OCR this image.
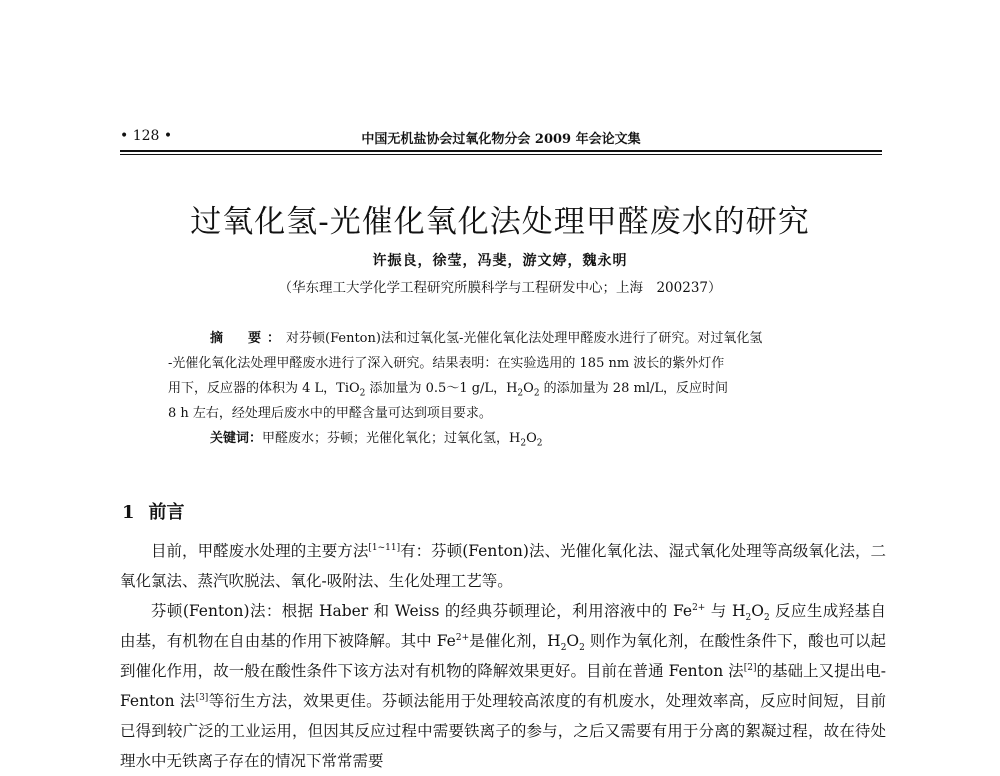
• 128 •	中国无机盐协会过氧化物分会 2009 年会论文集
过氧化氢-光催化氧化法处理甲醛废水的研究
许振良，徐莹，冯斐，游文婷，魏永明
（华东理工大学化学工程研究所膜科学与工程研发中心；上海　200237）

摘　要：对芬顿(Fenton)法和过氧化氢-光催化氧化法处理甲醛废水进行了研究。对过氧化氢

-光催化氧化法处理甲醛废水进行了深入研究。结果表明：在实验选用的 185 nm 波长的紫外灯作

用下，反应器的体积为 4 L，TiO$_2$ 添加量为 0.5～1 g/L，$H_2O_2$ 的添加量为 28 ml/L，反应时间

8 h 左右，经处理后废水中的甲醛含量可达到项目要求。

关键词：甲醛废水；芬顿；光催化氧化；过氧化氢，$H_2O_2$

1 前言

目前，甲醛废水处理的主要方法[1~11]有：芬顿(Fenton)法、光催化氧化法、湿式氧化处理等高级氧化法，二氧化氯法、蒸汽吹脱法、氧化-吸附法、生化处理工艺等。

芬顿(Fenton)法：根据 Haber 和 Weiss 的经典芬顿理论，利用溶液中的 $Fe^{2+}$ 与 $H_2O_2$ 反应生成羟基自由基，有机物在自由基的作用下被降解。其中 $Fe^{2+}$是催化剂，$H_2O_2$ 则作为氧化剂，在酸性条件下，酸也可以起到催化作用，故一般在酸性条件下该方法对有机物的降解效果更好。目前在普通 Fenton 法[2]的基础上又提出电-Fenton 法[3]等衍生方法，效果更佳。芬顿法能用于处理较高浓度的有机废水，处理效率高，反应时间短，目前已得到较广泛的工业运用，但因其反应过程中需要铁离子的参与，之后又需要有用于分离的絮凝过程，故在待处理水中无铁离子存在的情况下常常需要
